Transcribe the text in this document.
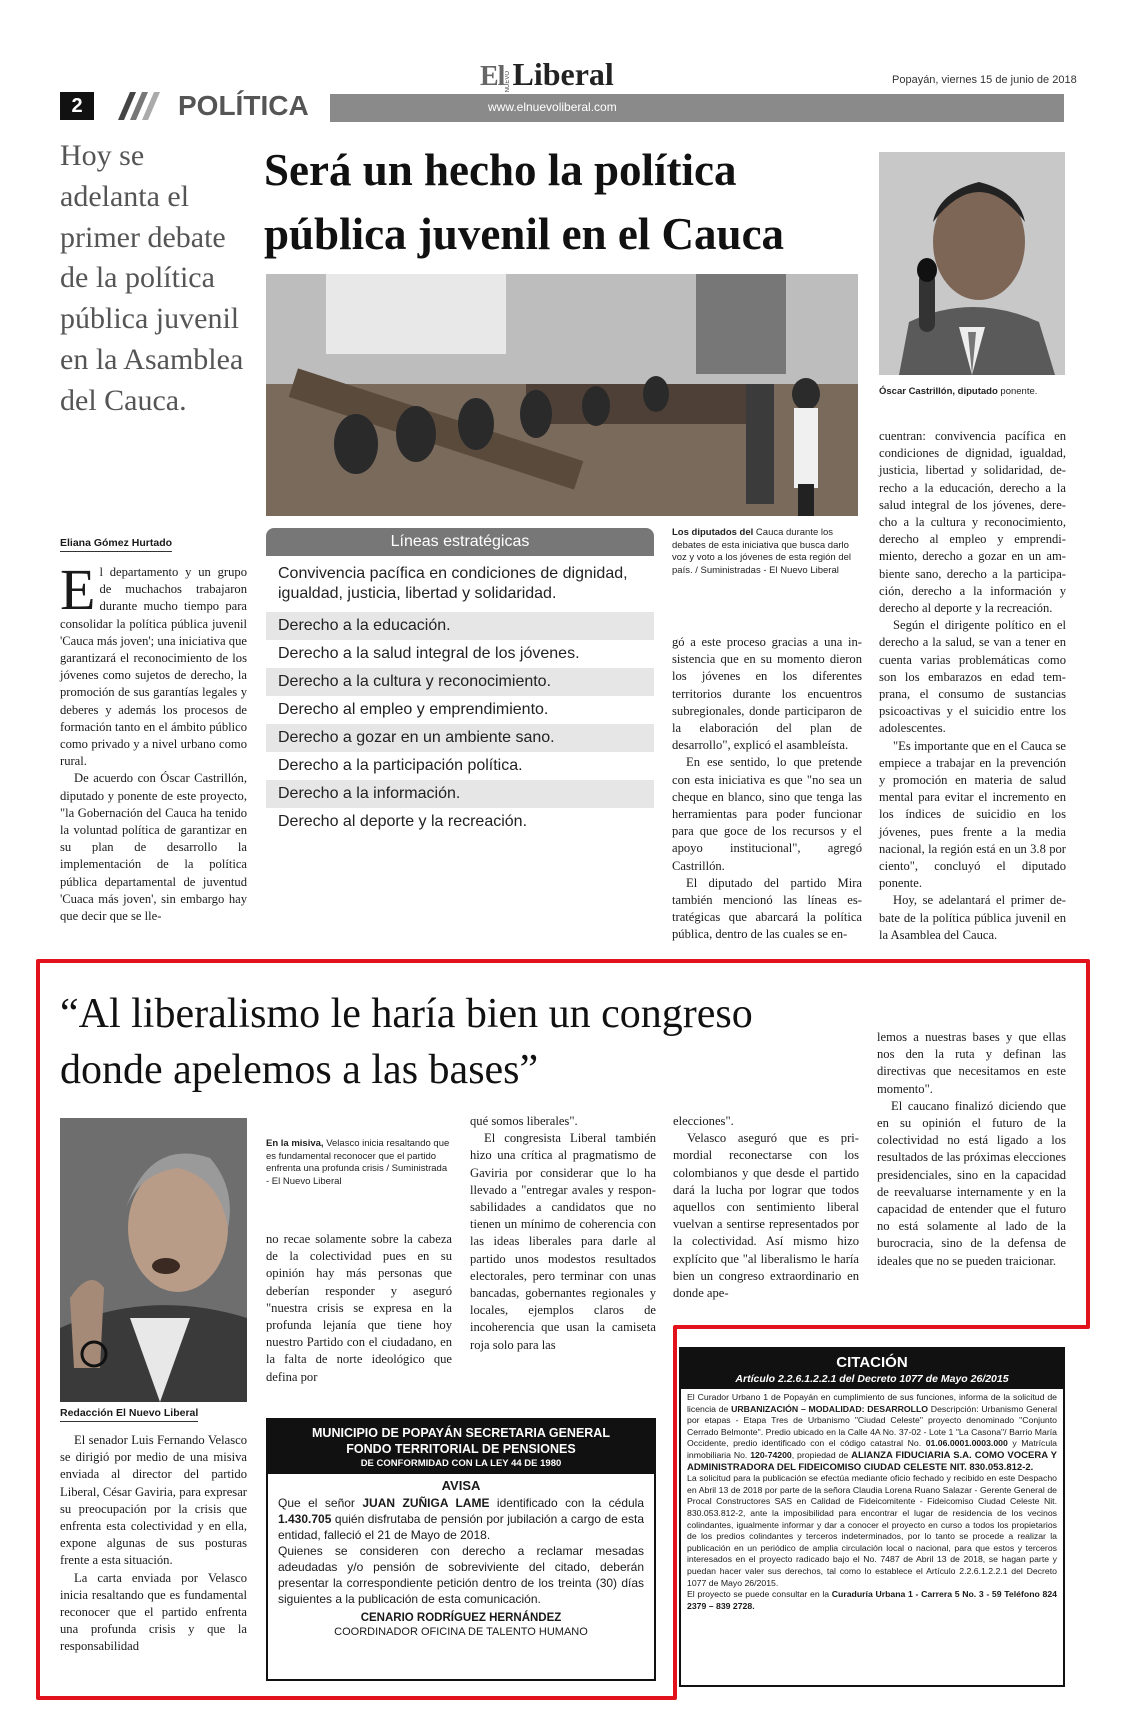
ElNUEVOLiberal	Popayán, viernes 15 de junio de 2018
2	POLÍTICA	www.elnuevoliberal.com
Hoy se adelanta el primer debate de la política pública juvenil en la Asamblea del Cauca.
Será un hecho la política pública juvenil en el Cauca
Óscar Castrillón, diputado ponente.
Eliana Gómez Hurtado

El departamento y un grupo de muchachos trabajaron durante mucho tiempo para consolidar la política pública juvenil 'Cauca más joven'; una iniciativa que garantizará el reconocimiento de los jóvenes como sujetos de derecho, la promoción de sus garantías legales y deberes y además los procesos de formación tanto en el ámbito público como privado y a nivel urbano como rural.

De acuerdo con Óscar Castrillón, diputado y ponente de este proyecto, "la Gobernación del Cauca ha tenido la voluntad política de garantizar en su plan de desarrollo la implementación de la política pública departamental de juventud 'Cuaca más joven', sin embargo hay que decir que se lle-

Líneas estratégicas
Convivencia pacífica en condiciones de dignidad, igualdad, justicia, libertad y solidaridad.
Derecho a la educación.
Derecho a la salud integral de los jóvenes.
Derecho a la cultura y reconocimiento.
Derecho al empleo y emprendimiento.
Derecho a gozar en un ambiente sano.
Derecho a la participación política.
Derecho a la información.
Derecho al deporte y la recreación.
Los diputados del Cauca durante los debates de esta iniciativa que busca darlo voz y voto a los jóvenes de esta región del país. / Suministradas - El Nuevo Liberal

gó a este proceso gracias a una insistencia que en su momento dieron los jóvenes en los diferentes territorios durante los encuentros subregionales, donde participaron de la elaboración del plan de desarrollo", explicó el asambleísta.

En ese sentido, lo que pretende con esta iniciativa es que "no sea un cheque en blanco, sino que tenga las herramientas para poder funcionar para que goce de los recursos y el apoyo institucional", agregó Castrillón.

El diputado del partido Mira también mencionó las líneas estratégicas que abarcará la política pública, dentro de las cuales se en-

cuentran: convivencia pacífica en condiciones de dignidad, igualdad, justicia, libertad y solidaridad, derecho a la educación, derecho a la salud integral de los jóvenes, derecho a la cultura y reconocimiento, derecho al empleo y emprendimiento, derecho a gozar en un ambiente sano, derecho a la participación, derecho a la información y derecho al deporte y la recreación.

Según el dirigente político en el derecho a la salud, se van a tener en cuenta varias problemáticas como son los embarazos en edad temprana, el consumo de sustancias psicoactivas y el suicidio entre los adolescentes.

"Es importante que en el Cauca se empiece a trabajar en la prevención y promoción en materia de salud mental para evitar el incremento en los índices de suicidio en los jóvenes, pues frente a la media nacional, la región está en un 3.8 por ciento", concluyó el diputado ponente.

Hoy, se adelantará el primer debate de la política pública juvenil en la Asamblea del Cauca.

“Al liberalismo le haría bien un congreso donde apelemos a las bases”
Redacción El Nuevo Liberal

El senador Luis Fernando Velasco se dirigió por medio de una misiva enviada al director del partido Liberal, César Gaviria, para expresar su preocupación por la crisis que enfrenta esta colectividad y en ella, expone algunas de sus posturas frente a esta situación.

La carta enviada por Velasco inicia resaltando que es fundamental reconocer que el partido enfrenta una profunda crisis y que la responsabilidad

En la misiva, Velasco inicia resaltando que es fundamental reconocer que el partido enfrenta una profunda crisis / Suministrada - El Nuevo Liberal

no recae solamente sobre la cabeza de la colectividad pues en su opinión hay más personas que deberían responder y aseguró "nuestra crisis se expresa en la profunda lejanía que tiene hoy nuestro Partido con el ciudadano, en la falta de norte ideológico que defina por

qué somos liberales".

El congresista Liberal también hizo una crítica al pragmatismo de Gaviria por considerar que lo ha llevado a "entregar avales y responsabilidades a candidatos que no tienen un mínimo de coherencia con las ideas liberales para darle al partido unos modestos resultados electorales, pero terminar con unas bancadas, gobernantes regionales y locales, ejemplos claros de incoherencia que usan la camiseta roja solo para las

elecciones".

Velasco aseguró que es primordial reconectarse con los colombianos y que desde el partido dará la lucha por lograr que todos aquellos con sentimiento liberal vuelvan a sentirse representados por la colectividad. Así mismo hizo explícito que "al liberalismo le haría bien un congreso extraordinario en donde ape-

lemos a nuestras bases y que ellas nos den la ruta y definan las directivas que necesitamos en este momento".

El caucano finalizó diciendo que en su opinión el futuro de la colectividad no está ligado a los resultados de las próximas elecciones presidenciales, sino en la capacidad de reevaluarse internamente y en la capacidad de entender que el futuro no está solamente al lado de la burocracia, sino de la defensa de ideales que no se pueden traicionar.

MUNICIPIO DE POPAYÁN SECRETARIA GENERAL
FONDO TERRITORIAL DE PENSIONES
DE CONFORMIDAD CON LA LEY 44 DE 1980
AVISA

Que el señor JUAN ZUÑIGA LAME identificado con la cédula 1.430.705 quién disfrutaba de pensión por jubilación a cargo de esta entidad, falleció el 21 de Mayo de 2018.

Quienes se consideren con derecho a reclamar mesadas adeudadas y/o pensión de sobreviviente del citado, deberán presentar la correspondiente petición dentro de los treinta (30) días siguientes a la publicación de esta comunicación.

CENARIO RODRÍGUEZ HERNÁNDEZ
COORDINADOR OFICINA DE TALENTO HUMANO
CITACIÓN
Artículo 2.2.6.1.2.2.1 del Decreto 1077 de Mayo 26/2015

El Curador Urbano 1 de Popayán en cumplimiento de sus funciones, informa de la solicitud de licencia de URBANIZACIÓN – MODALIDAD: DESARROLLO Descripción: Urbanismo General por etapas - Etapa Tres de Urbanismo "Ciudad Celeste" proyecto denominado "Conjunto Cerrado Belmonte". Predio ubicado en la Calle 4A No. 37-02 - Lote 1 "La Casona"/ Barrio María Occidente, predio identificado con el código catastral No. 01.06.0001.0003.000 y Matrícula inmobiliaria No. 120-74200, propiedad de ALIANZA FIDUCIARIA S.A. COMO VOCERA Y ADMINISTRADORA DEL FIDEICOMISO CIUDAD CELESTE NIT. 830.053.812-2.

La solicitud para la publicación se efectúa mediante oficio fechado y recibido en este Despacho en Abril 13 de 2018 por parte de la señora Claudia Lorena Ruano Salazar - Gerente General de Procal Constructores SAS en Calidad de Fideicomitente - Fideicomiso Ciudad Celeste Nit. 830.053.812-2, ante la imposibilidad para encontrar el lugar de residencia de los vecinos colindantes, igualmente informar y dar a conocer el proyecto en curso a todos los propietarios de los predios colindantes y terceros indeterminados, por lo tanto se procede a realizar la publicación en un periódico de amplia circulación local o nacional, para que estos y terceros interesados en el proyecto radicado bajo el No. 7487 de Abril 13 de 2018, se hagan parte y puedan hacer valer sus derechos, tal como lo establece el Artículo 2.2.6.1.2.2.1 del Decreto 1077 de Mayo 26/2015.

El proyecto se puede consultar en la Curaduría Urbana 1 - Carrera 5 No. 3 - 59 Teléfono 824 2379 – 839 2728.
